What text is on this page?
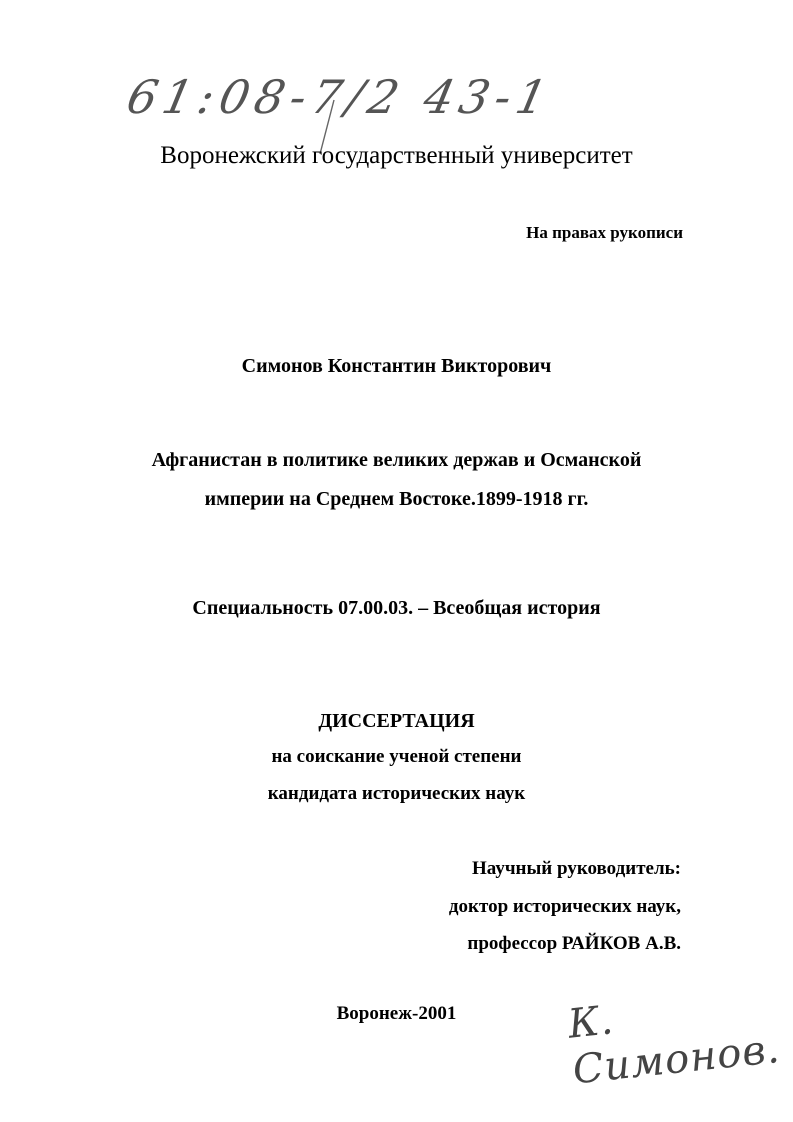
61:08-7/2 43-1
Воронежский государственный университет
На правах рукописи
Симонов Константин Викторович
Афганистан в политике великих держав и Османской
империи на Среднем Востоке.1899-1918 гг.
Специальность 07.00.03. – Всеобщая история
ДИССЕРТАЦИЯ
на соискание ученой степени
кандидата исторических наук
Научный руководитель:
доктор исторических наук,
профессор РАЙКОВ А.В.
Воронеж-2001	К. Симонов.
